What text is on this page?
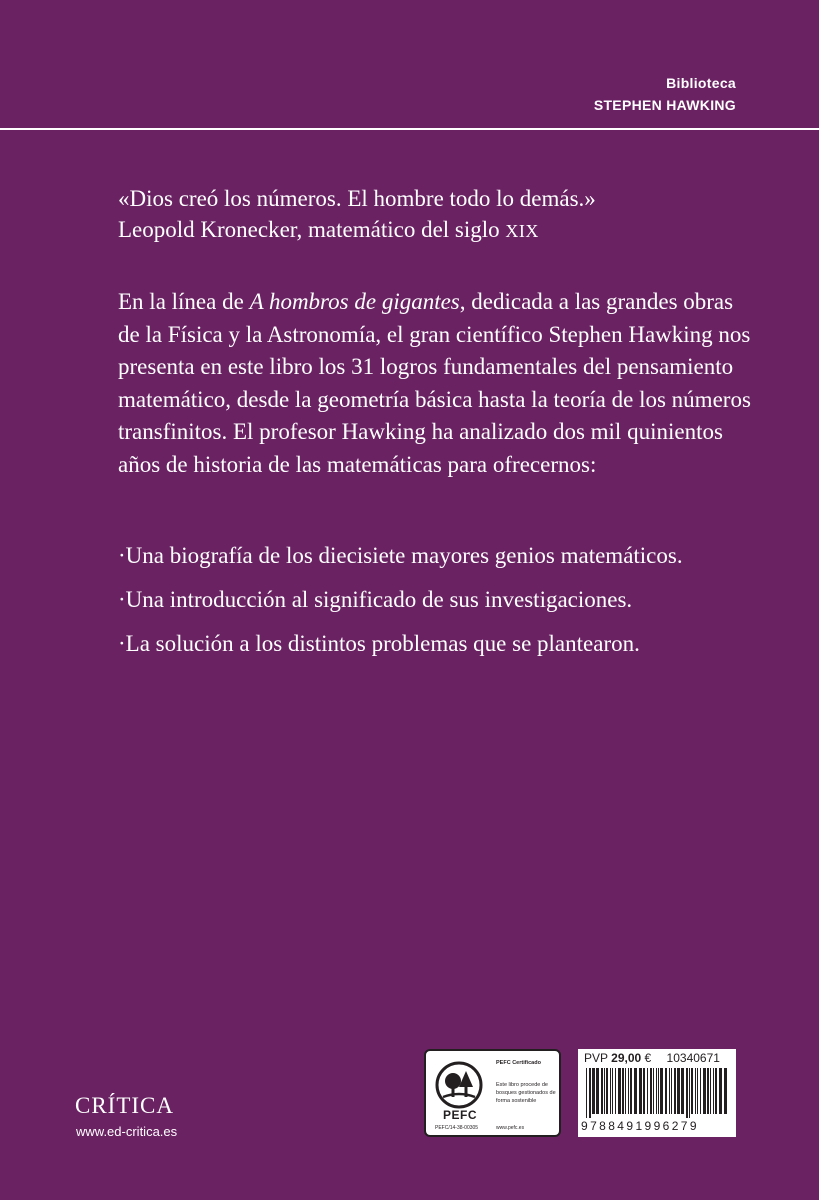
Biblioteca
STEPHEN HAWKING
«Dios creó los números. El hombre todo lo demás.»
Leopold Kronecker, matemático del siglo XIX

En la línea de A hombros de gigantes, dedicada a las grandes obras de la Física y la Astronomía, el gran científico Stephen Hawking nos presenta en este libro los 31 logros fundamentales del pensamiento matemático, desde la geometría básica hasta la teoría de los números transfinitos. El profesor Hawking ha analizado dos mil quinientos años de historia de las matemáticas para ofrecernos:

·Una biografía de los diecisiete mayores genios matemáticos.
·Una introducción al significado de sus investigaciones.
·La solución a los distintos problemas que se plantearon.
CRÍTICA
www.ed-critica.es
PEFC
PEFC Certificado
Este libro procede de bosques gestionados de forma sostenible
PEFC/14-38-00305	www.pefc.es
PVP 29,00 € 10340671
9788491996279
